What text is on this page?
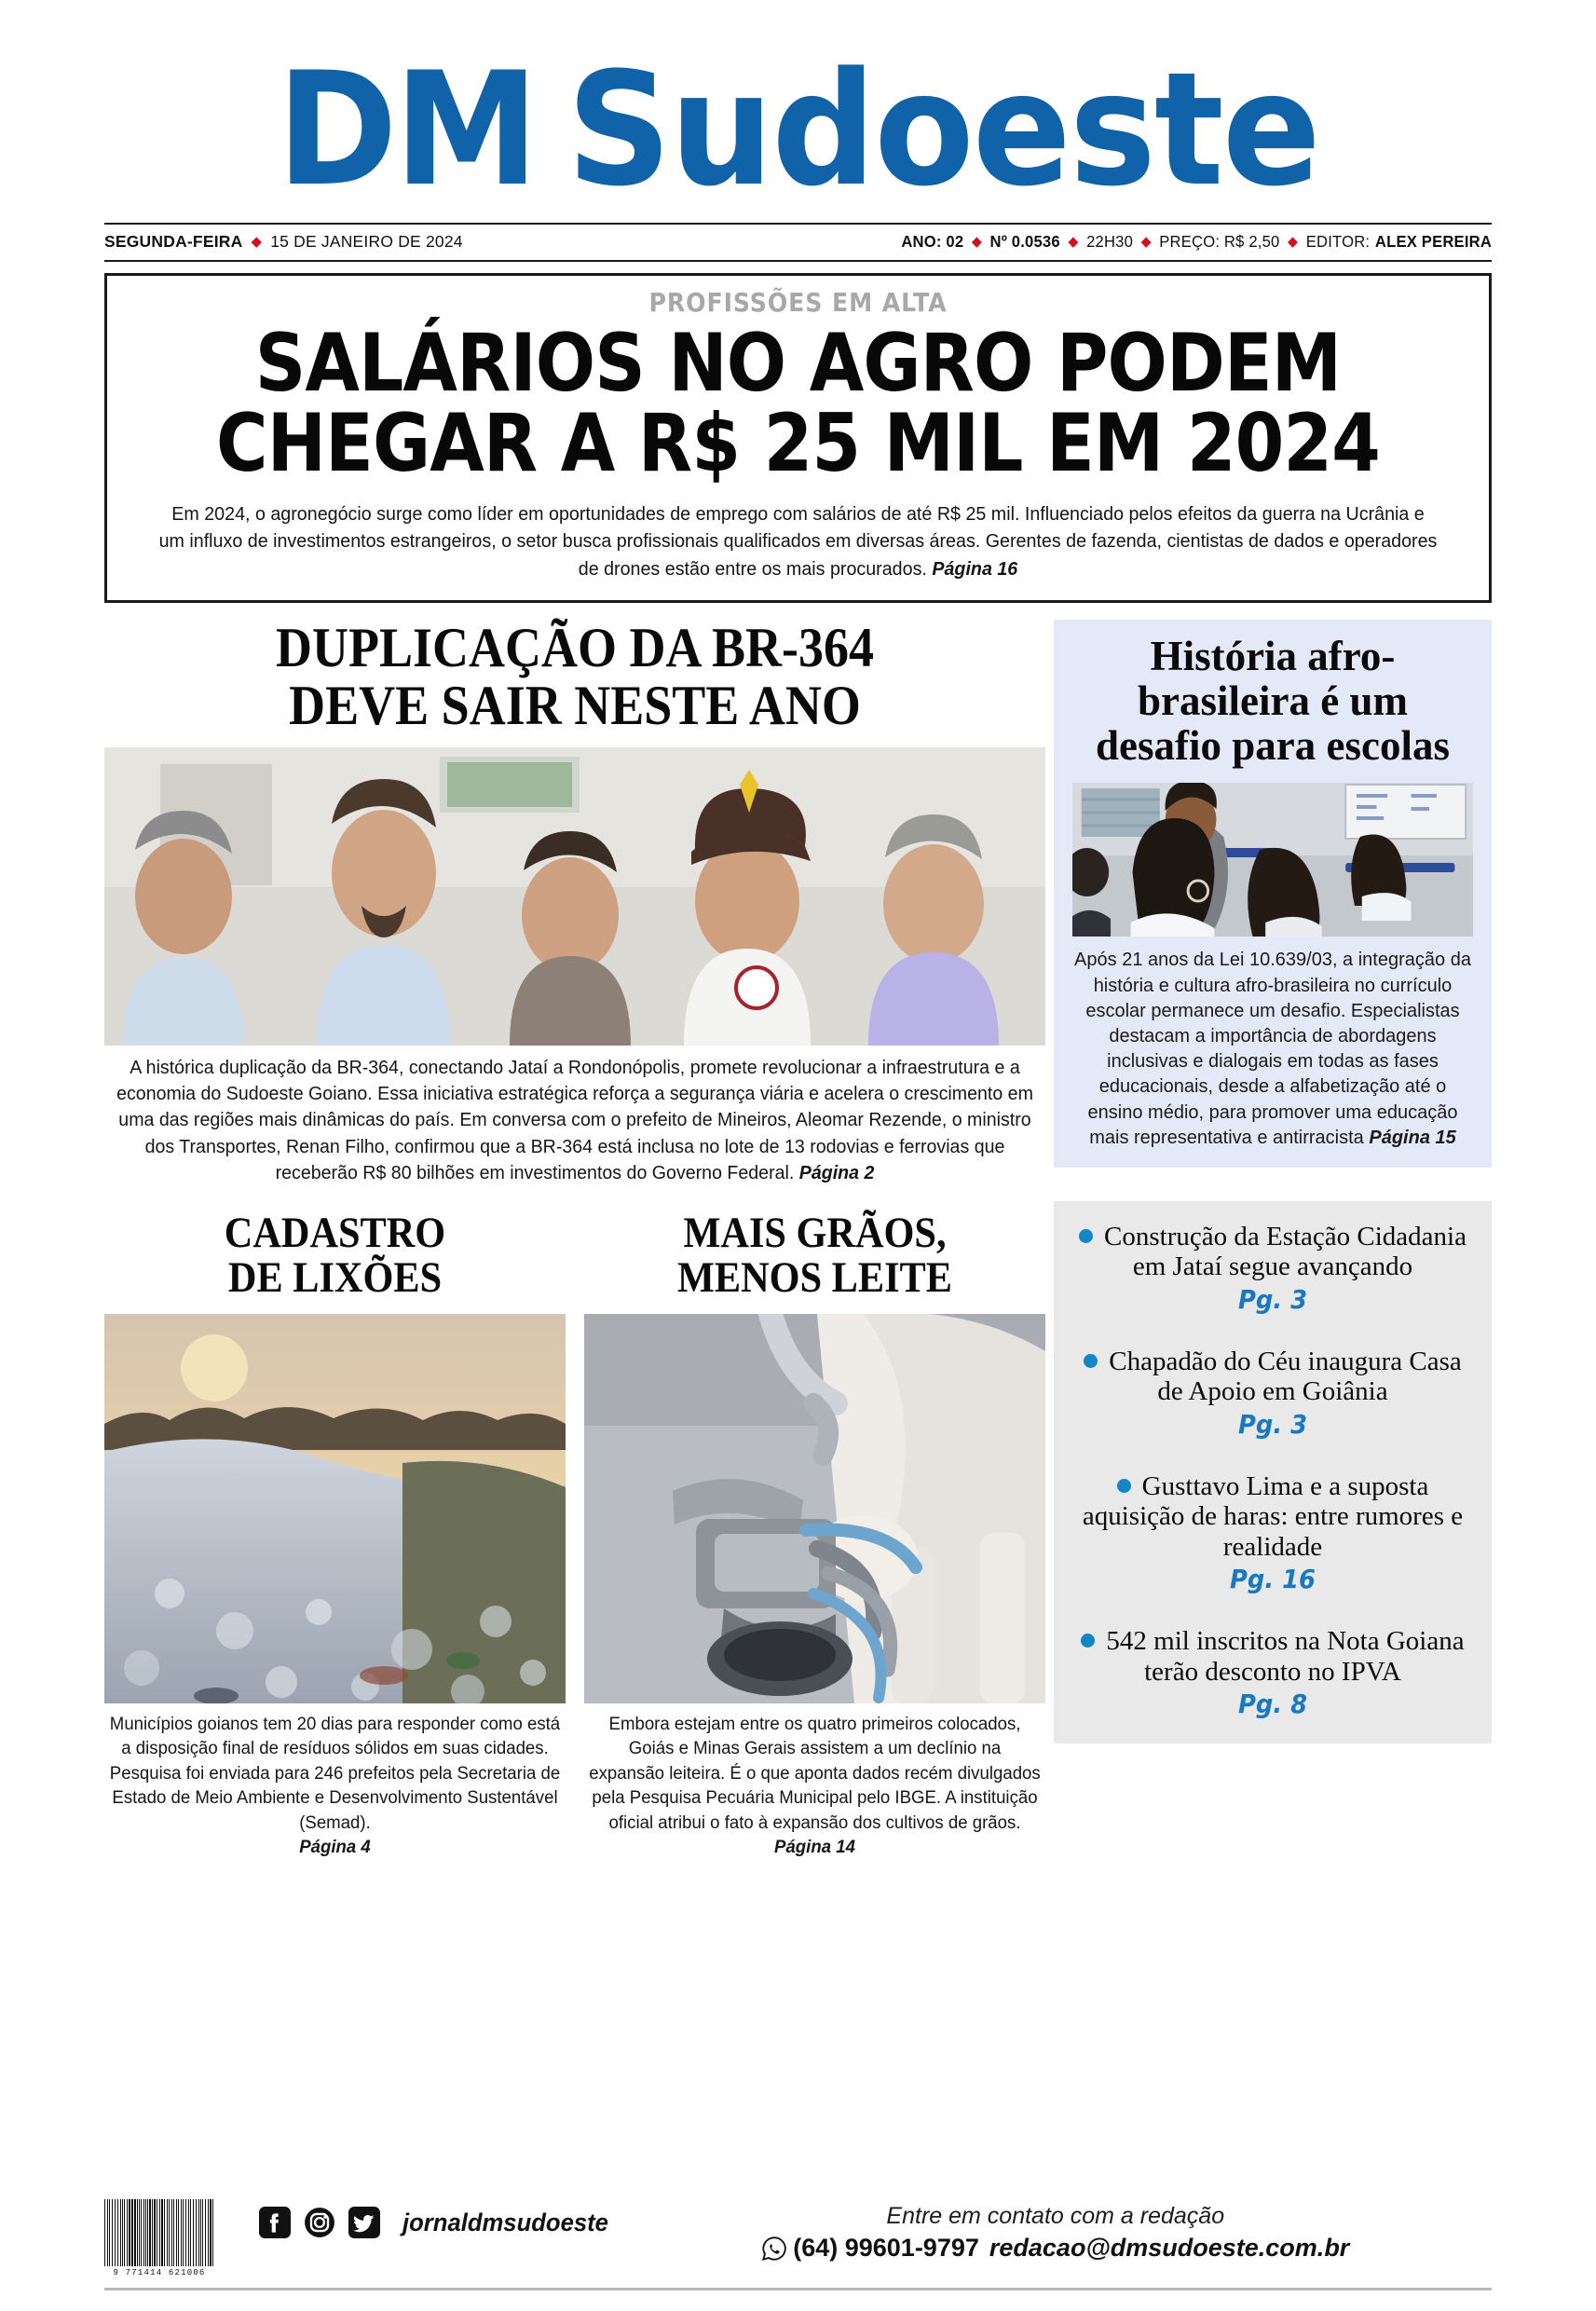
DM Sudoeste
SEGUNDA-FEIRA ◆ 15 DE JANEIRO DE 2024	ANO: 02 ◆ Nº 0.0536 ◆ 22H30 ◆ PREÇO: R$ 2,50 ◆ EDITOR: ALEX PEREIRA
PROFISSÕES EM ALTA
SALÁRIOS NO AGRO PODEM
CHEGAR A R$ 25 MIL EM 2024
Em 2024, o agronegócio surge como líder em oportunidades de emprego com salários de até R$ 25 mil. Influenciado pelos efeitos da guerra na Ucrânia e um influxo de investimentos estrangeiros, o setor busca profissionais qualificados em diversas áreas. Gerentes de fazenda, cientistas de dados e operadores de drones estão entre os mais procurados. Página 16
DUPLICAÇÃO DA BR-364
DEVE SAIR NESTE ANO
A histórica duplicação da BR-364, conectando Jataí a Rondonópolis, promete revolucionar a infraestrutura e a economia do Sudoeste Goiano. Essa iniciativa estratégica reforça a segurança viária e acelera o crescimento em uma das regiões mais dinâmicas do país. Em conversa com o prefeito de Mineiros, Aleomar Rezende, o ministro dos Transportes, Renan Filho, confirmou que a BR-364 está inclusa no lote de 13 rodovias e ferrovias que receberão R$ 80 bilhões em investimentos do Governo Federal. Página 2
CADASTRO
DE LIXÕES
Municípios goianos tem 20 dias para responder como está a disposição final de resíduos sólidos em suas cidades. Pesquisa foi enviada para 246 prefeitos pela Secretaria de Estado de Meio Ambiente e Desenvolvimento Sustentável (Semad).
Página 4
MAIS GRÃOS,
MENOS LEITE
Embora estejam entre os quatro primeiros colocados, Goiás e Minas Gerais assistem a um declínio na expansão leiteira. É o que aponta dados recém divulgados pela Pesquisa Pecuária Municipal pelo IBGE. A instituição oficial atribui o fato à expansão dos cultivos de grãos. Página 14
História afro-brasileira é um desafio para escolas
Após 21 anos da Lei 10.639/03, a integração da história e cultura afro-brasileira no currículo escolar permanece um desafio. Especialistas destacam a importância de abordagens inclusivas e dialogais em todas as fases educacionais, desde a alfabetização até o ensino médio, para promover uma educação mais representativa e antirracista Página 15
Construção da Estação Cidadania em Jataí segue avançando
Pg. 3
Chapadão do Céu inaugura Casa de Apoio em Goiânia
Pg. 3
Gusttavo Lima e a suposta aquisição de haras: entre rumores e realidade
Pg. 16
542 mil inscritos na Nota Goiana terão desconto no IPVA
Pg. 8
9 771414 621006
jornaldmsudoeste	Entre em contato com a redação
(64) 99601-9797 redacao@dmsudoeste.com.br
